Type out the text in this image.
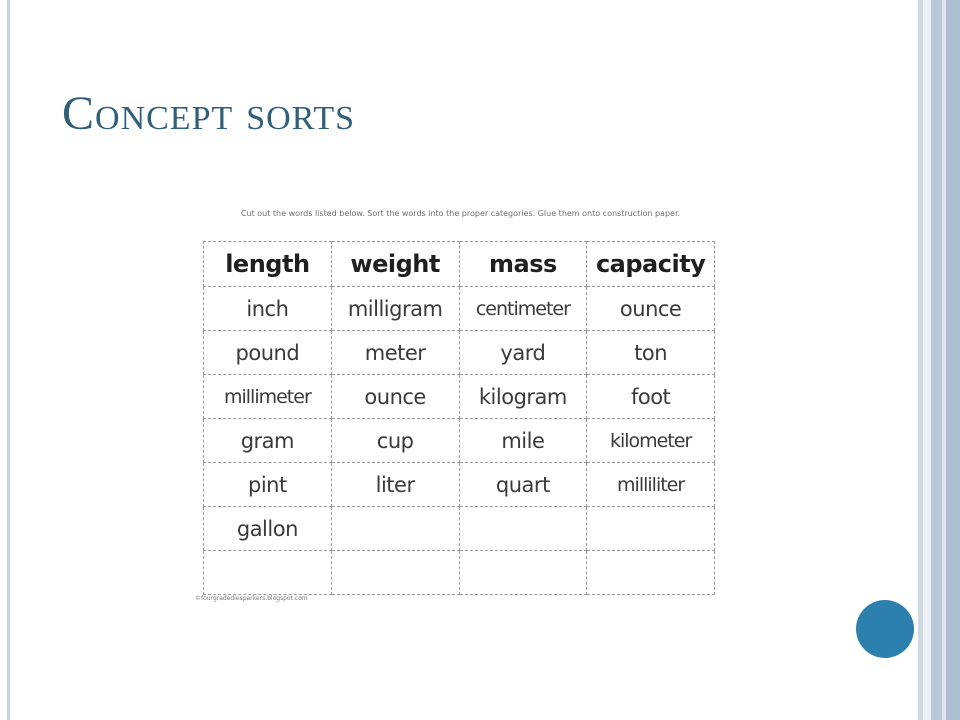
Concept sorts
Cut out the words listed below. Sort the words into the proper categories. Glue them onto construction paper.
length	weight	mass	capacity
inch	milligram	centimeter	ounce
pound	meter	yard	ton
millimeter	ounce	kilogram	foot
gram	cup	mile	kilometer
pint	liter	quart	milliliter
gallon			

©fourgradediesparkers.blogspot.com
